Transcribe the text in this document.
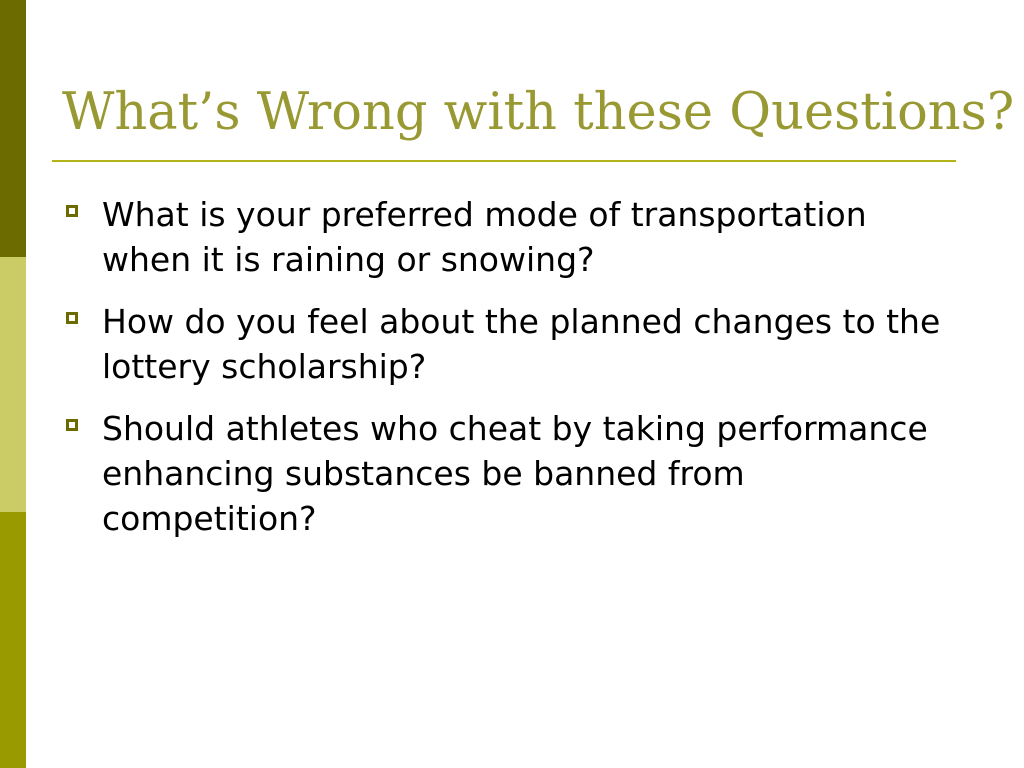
What’s Wrong with these Questions?
What is your preferred mode of transportation when it is raining or snowing?
How do you feel about the planned changes to the lottery scholarship?
Should athletes who cheat by taking performance enhancing substances be banned from competition?
